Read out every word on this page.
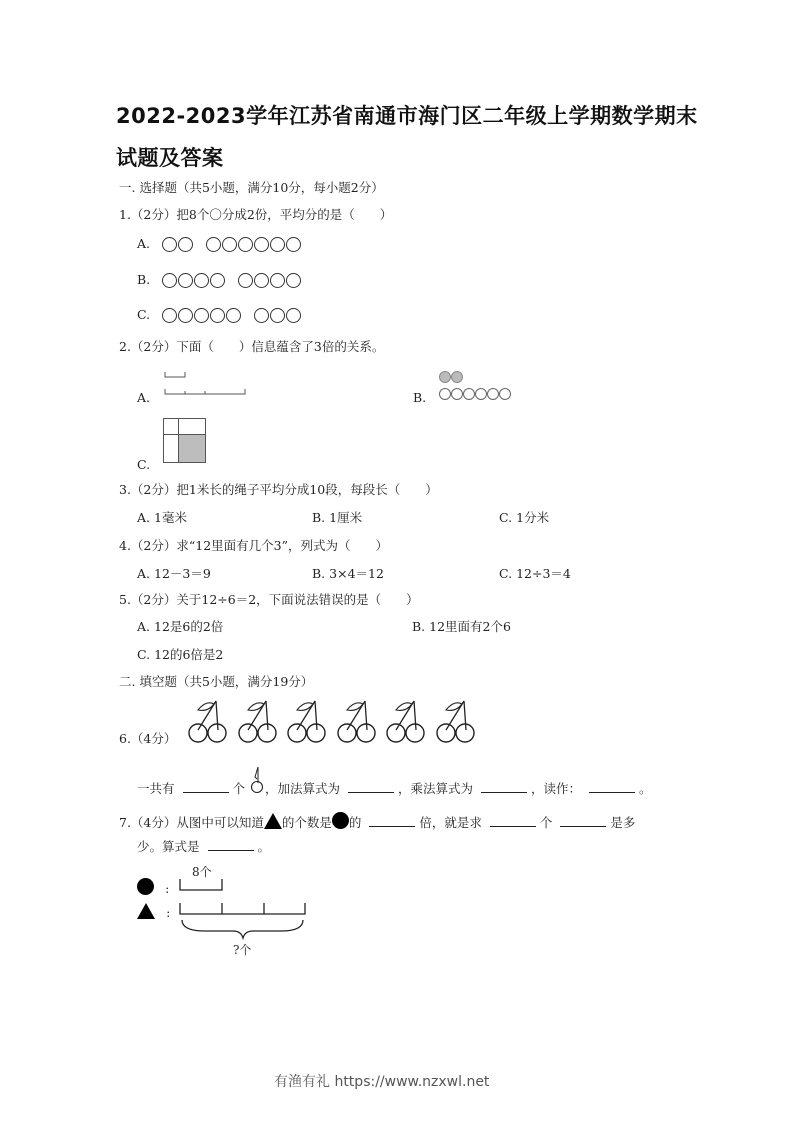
2022-2023学年江苏省南通市海门区二年级上学期数学期末
试题及答案
一. 选择题（共5小题，满分10分，每小题2分）
1.（2分）把8个〇分成2份，平均分的是（　　）
A.
B.
C.
2.（2分）下面（　　）信息蕴含了3倍的关系。
A.	B.
C.
3.（2分）把1米长的绳子平均分成10段，每段长（　　）
A. 1毫米	B. 1厘米	C. 1分米
4.（2分）求“12里面有几个3”，列式为（　　）
A. 12－3＝9	B. 3×4＝12	C. 12÷3＝4
5.（2分）关于12÷6＝2，下面说法错误的是（　　）
A. 12是6的2倍	B. 12里面有2个6
C. 12的6倍是2
二. 填空题（共5小题，满分19分）
6.（4分）
一共有	个 ，加法算式为	，乘法算式为	，读作：	。
7.（4分）从图中可以知道 的个数是 的	倍，就是求	个	是多
少。算式是	。
8个
:
:
?个
有渔有礼 https://www.nzxwl.net
